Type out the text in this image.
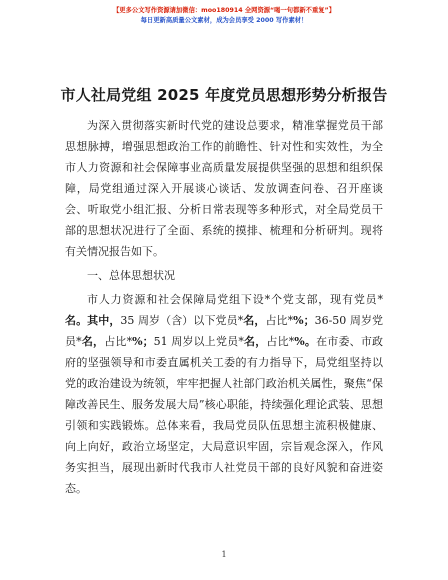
【更多公文写作资源请加微信：moo180914 全网资源“喝一句都新不重复”】
每日更新高质量公文素材，成为会员享受 2000 写作素材！
市人社局党组 2025 年度党员思想形势分析报告

为深入贯彻落实新时代党的建设总要求，精准掌握党员干部思想脉搏，增强思想政治工作的前瞻性、针对性和实效性，为全市人力资源和社会保障事业高质量发展提供坚强的思想和组织保障，局党组通过深入开展谈心谈话、发放调查问卷、召开座谈会、听取党小组汇报、分析日常表现等多种形式，对全局党员干部的思想状况进行了全面、系统的摸排、梳理和分析研判。现将有关情况报告如下。

一、总体思想状况

市人力资源和社会保障局党组下设*个党支部，现有党员*名。其中，35 周岁（含）以下党员*名，占比*%；36-50 周岁党员*名，占比*%；51 周岁以上党员*名，占比*%。在市委、市政府的坚强领导和市委直属机关工委的有力指导下，局党组坚持以党的政治建设为统领，牢牢把握人社部门政治机关属性，聚焦“保障改善民生、服务发展大局”核心职能，持续强化理论武装、思想引领和实践锻炼。总体来看，我局党员队伍思想主流积极健康、向上向好，政治立场坚定，大局意识牢固，宗旨观念深入，作风务实担当，展现出新时代我市人社党员干部的良好风貌和奋进姿态。

1
